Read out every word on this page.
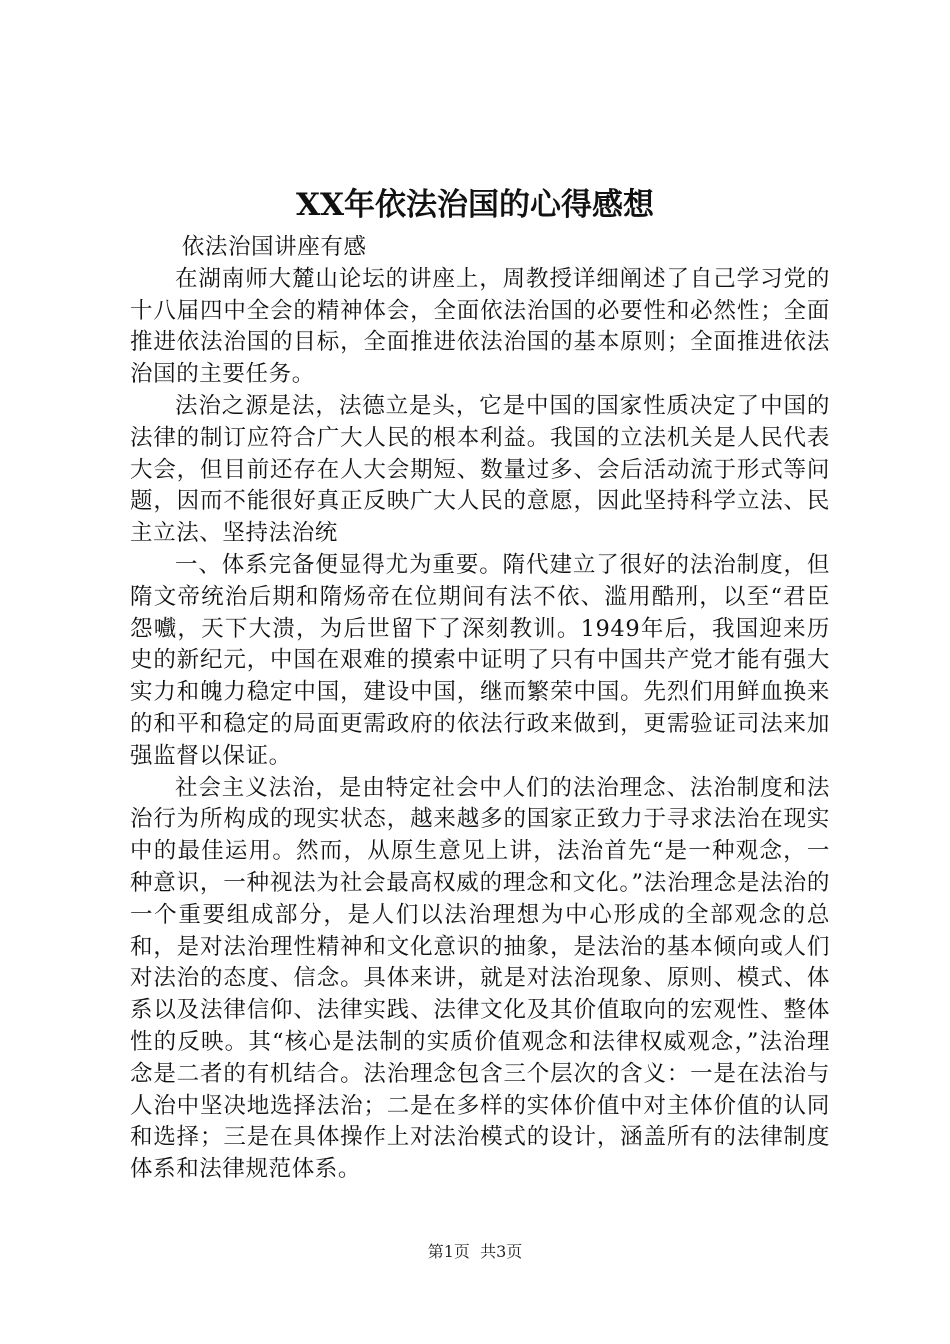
XX年依法治国的心得感想

依法治国讲座有感

在湖南师大麓山论坛的讲座上，周教授详细阐述了自己学习党的十八届四中全会的精神体会，全面依法治国的必要性和必然性；全面推进依法治国的目标，全面推进依法治国的基本原则；全面推进依法治国的主要任务。

法治之源是法，法德立是头，它是中国的国家性质决定了中国的法律的制订应符合广大人民的根本利益。我国的立法机关是人民代表大会，但目前还存在人大会期短、数量过多、会后活动流于形式等问题，因而不能很好真正反映广大人民的意愿，因此坚持科学立法、民主立法、坚持法治统

一、体系完备便显得尤为重要。隋代建立了很好的法治制度，但隋文帝统治后期和隋炀帝在位期间有法不依、滥用酷刑，以至“君臣怨嚱，天下大溃，为后世留下了深刻教训。1949年后，我国迎来历史的新纪元，中国在艰难的摸索中证明了只有中国共产党才能有强大实力和魄力稳定中国，建设中国，继而繁荣中国。先烈们用鲜血换来的和平和稳定的局面更需政府的依法行政来做到，更需验证司法来加强监督以保证。

社会主义法治，是由特定社会中人们的法治理念、法治制度和法治行为所构成的现实状态，越来越多的国家正致力于寻求法治在现实中的最佳运用。然而，从原生意见上讲，法治首先“是一种观念，一种意识，一种视法为社会最高权威的理念和文化。”法治理念是法治的一个重要组成部分，是人们以法治理想为中心形成的全部观念的总和，是对法治理性精神和文化意识的抽象，是法治的基本倾向或人们对法治的态度、信念。具体来讲，就是对法治现象、原则、模式、体系以及法律信仰、法律实践、法律文化及其价值取向的宏观性、整体性的反映。其“核心是法制的实质价值观念和法律权威观念，”法治理念是二者的有机结合。法治理念包含三个层次的含义：一是在法治与人治中坚决地选择法治；二是在多样的实体价值中对主体价值的认同和选择；三是在具体操作上对法治模式的设计，涵盖所有的法律制度体系和法律规范体系。

第1页 共3页
